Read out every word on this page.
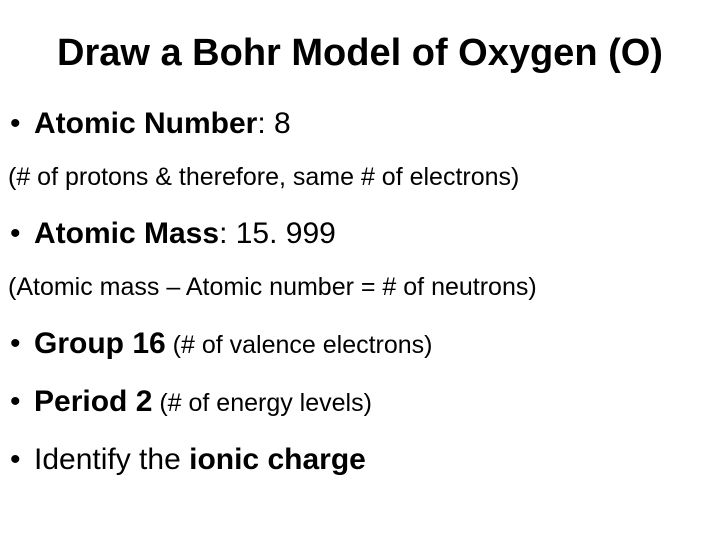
Draw a Bohr Model of Oxygen (O)
• Atomic Number: 8
(# of protons & therefore, same # of electrons)
• Atomic Mass: 15. 999
(Atomic mass – Atomic number = # of neutrons)
• Group 16 (# of valence electrons)
• Period 2 (# of energy levels)
• Identify the ionic charge
